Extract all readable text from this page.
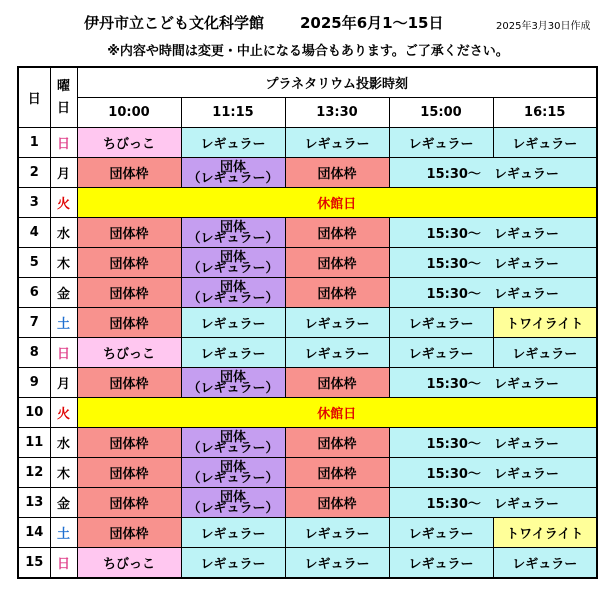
伊丹市立こども文化科学館 2025年6月1～15日	2025年3月30日作成
※内容や時間は変更・中止になる場合もあります。ご了承ください。
日	曜日	プラネタリウム投影時刻				
		10:00	11:15	13:30	15:00	16:15
1	日	ちびっこ	レギュラー	レギュラー	レギュラー	レギュラー
2	月	団体枠	団体
（レギュラー）	団体枠	15:30～　レギュラー	
3	火	休館日				
4	水	団体枠	団体
（レギュラー）	団体枠	15:30～　レギュラー	
5	木	団体枠	団体
（レギュラー）	団体枠	15:30～　レギュラー	
6	金	団体枠	団体
（レギュラー）	団体枠	15:30～　レギュラー	
7	土	団体枠	レギュラー	レギュラー	レギュラー	トワイライト
8	日	ちびっこ	レギュラー	レギュラー	レギュラー	レギュラー
9	月	団体枠	団体
（レギュラー）	団体枠	15:30～　レギュラー	
10	火	休館日				
11	水	団体枠	団体
（レギュラー）	団体枠	15:30～　レギュラー	
12	木	団体枠	団体
（レギュラー）	団体枠	15:30～　レギュラー	
13	金	団体枠	団体
（レギュラー）	団体枠	15:30～　レギュラー	
14	土	団体枠	レギュラー	レギュラー	レギュラー	トワイライト
15	日	ちびっこ	レギュラー	レギュラー	レギュラー	レギュラー
